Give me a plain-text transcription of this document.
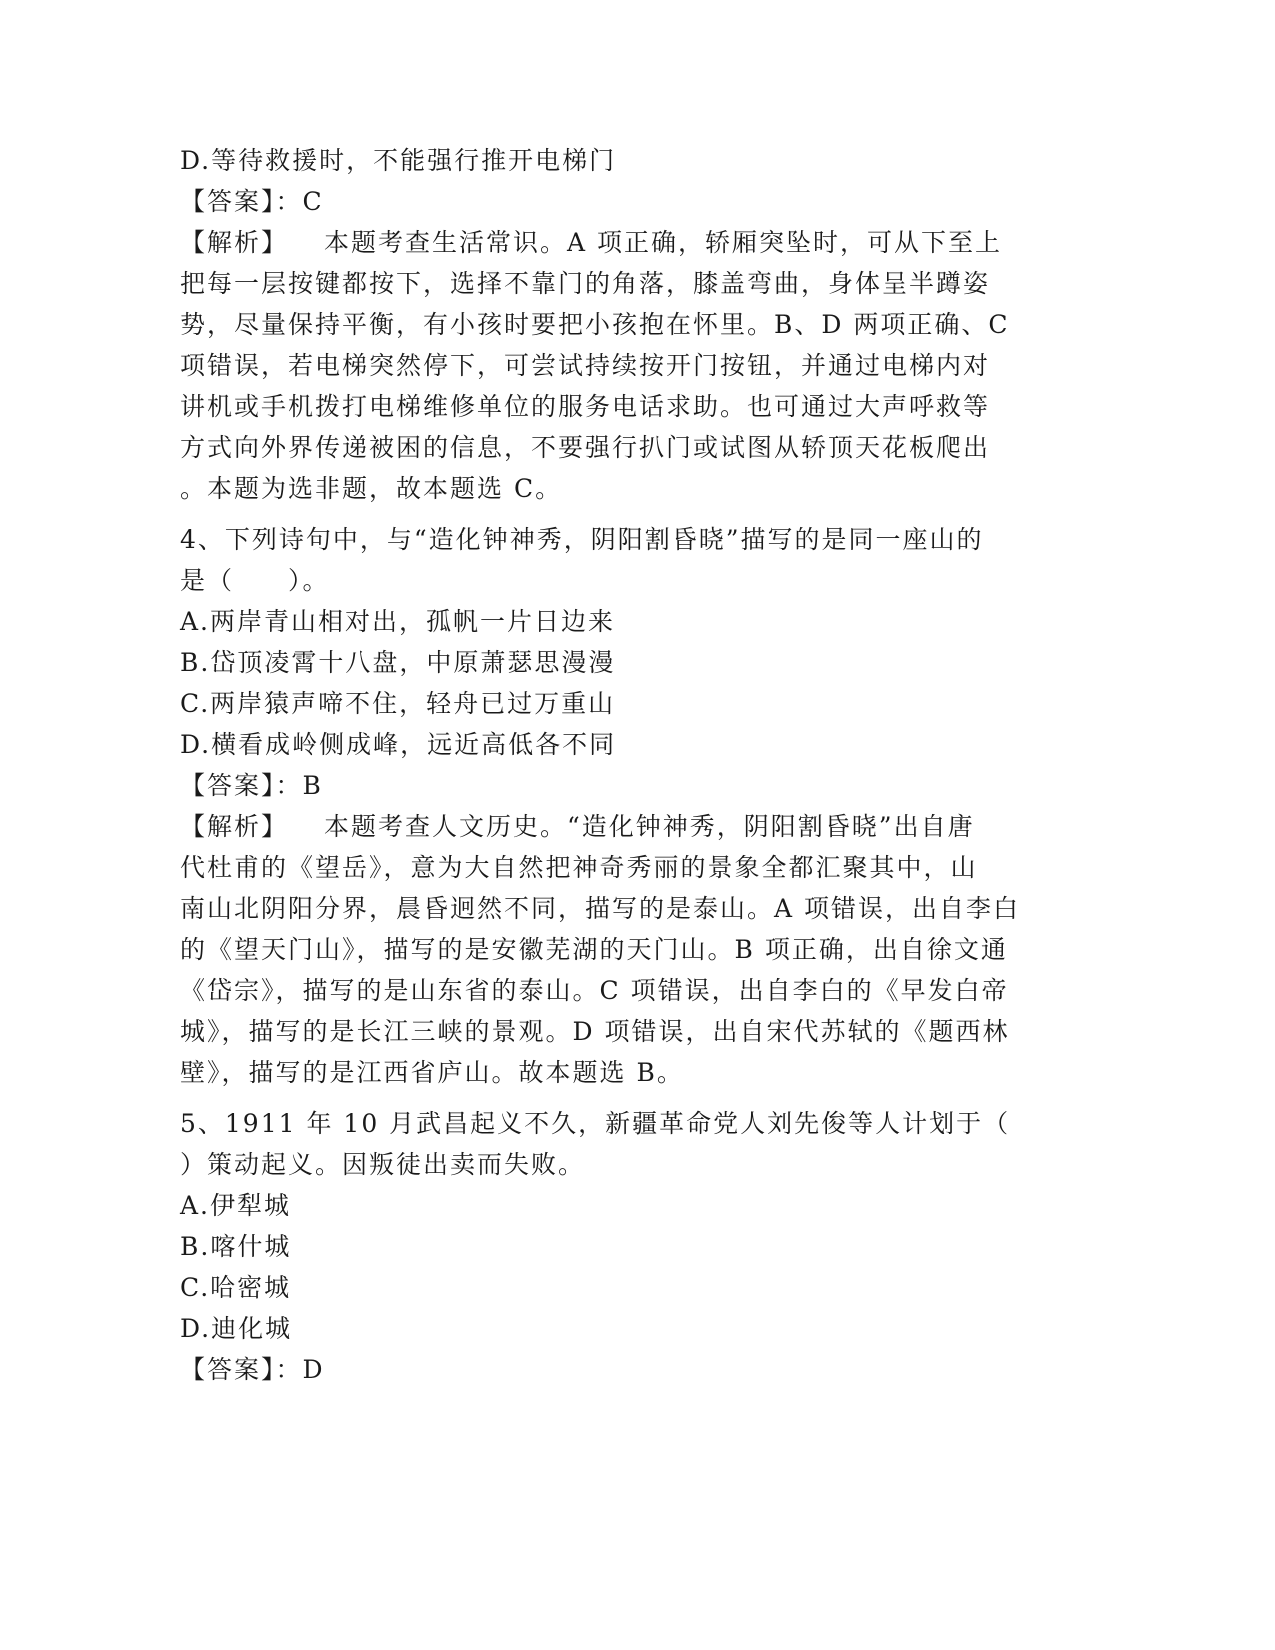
D.等待救援时，不能强行推开电梯门
【答案】：C
【解析】 本题考查生活常识。A 项正确，轿厢突坠时，可从下至上
把每一层按键都按下，选择不靠门的角落，膝盖弯曲，身体呈半蹲姿
势，尽量保持平衡，有小孩时要把小孩抱在怀里。B、D 两项正确、C
项错误，若电梯突然停下，可尝试持续按开门按钮，并通过电梯内对
讲机或手机拨打电梯维修单位的服务电话求助。也可通过大声呼救等
方式向外界传递被困的信息，不要强行扒门或试图从轿顶天花板爬出
。本题为选非题，故本题选 C。
4、下列诗句中，与“造化钟神秀，阴阳割昏晓”描写的是同一座山的
是（　　）。
A.两岸青山相对出，孤帆一片日边来
B.岱顶凌霄十八盘，中原萧瑟思漫漫
C.两岸猿声啼不住，轻舟已过万重山
D.横看成岭侧成峰，远近高低各不同
【答案】：B
【解析】 本题考查人文历史。“造化钟神秀，阴阳割昏晓”出自唐
代杜甫的《望岳》，意为大自然把神奇秀丽的景象全都汇聚其中，山
南山北阴阳分界，晨昏迥然不同，描写的是泰山。A 项错误，出自李白
的《望天门山》，描写的是安徽芜湖的天门山。B 项正确，出自徐文通
《岱宗》，描写的是山东省的泰山。C 项错误，出自李白的《早发白帝
城》，描写的是长江三峡的景观。D 项错误，出自宋代苏轼的《题西林
壁》，描写的是江西省庐山。故本题选 B。
5、1911 年 10 月武昌起义不久，新疆革命党人刘先俊等人计划于（
）策动起义。因叛徒出卖而失败。
A.伊犁城
B.喀什城
C.哈密城
D.迪化城
【答案】：D
